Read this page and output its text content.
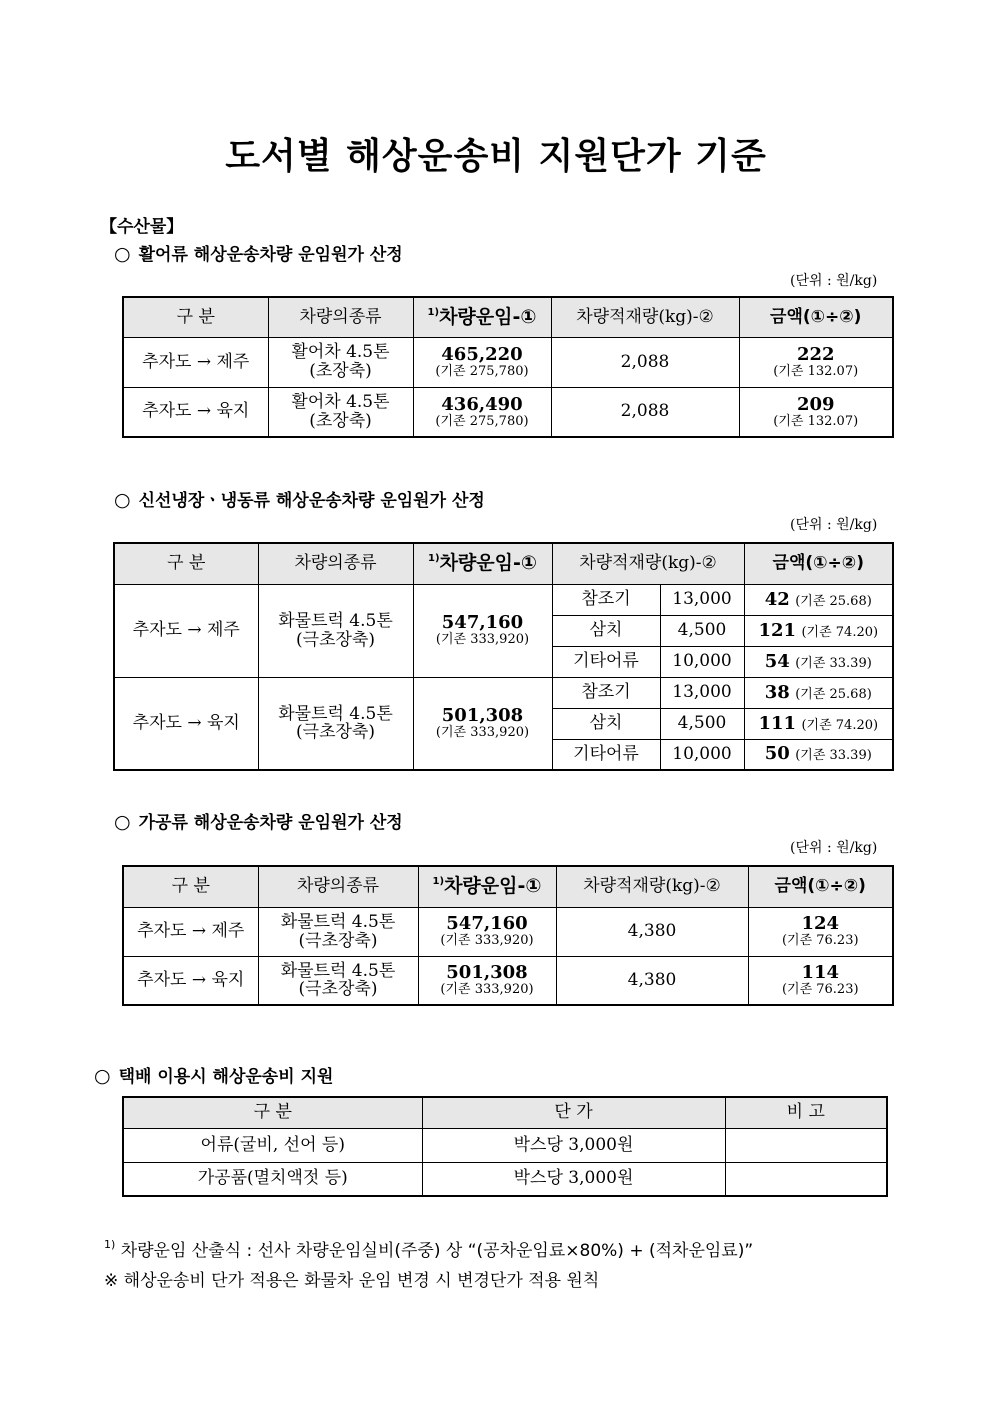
도서별 해상운송비 지원단가 기준
【수산물】
○ 활어류 해상운송차량 운임원가 산정
(단위 : 원/kg)
구 분	차량의종류	$^{1)}$차량운임-①	차량적재량(kg)-②	금액(①÷②)
추자도 → 제주	활어차 4.5톤
(초장축)	465,220
(기존 275,780)	2,088	222
(기존 132.07)

추자도 → 육지	활어차 4.5톤
(초장축)	436,490
(기존 275,780)	2,088	209
(기존 132.07)
○ 신선냉장ㆍ냉동류 해상운송차량 운임원가 산정
(단위 : 원/kg)
구 분	차량의종류	$^{1)}$차량운임-①	차량적재량(kg)-②		금액(①÷②)
추자도 → 제주	화물트럭 4.5톤
(극초장축)	547,160
(기존 333,920)	참조기	13,000	42 (기존 25.68)
			삼치	4,500	121 (기존 74.20)
			기타어류	10,000	54 (기존 33.39)
추자도 → 육지	화물트럭 4.5톤
(극초장축)	501,308
(기존 333,920)	참조기	13,000	38 (기존 25.68)
			삼치	4,500	111 (기존 74.20)
			기타어류	10,000	50 (기존 33.39)
○ 가공류 해상운송차량 운임원가 산정
(단위 : 원/kg)
구 분	차량의종류	$^{1)}$차량운임-①	차량적재량(kg)-②	금액(①÷②)
추자도 → 제주	화물트럭 4.5톤
(극초장축)	547,160
(기존 333,920)	4,380	124
(기존 76.23)

추자도 → 육지	화물트럭 4.5톤
(극초장축)	501,308
(기존 333,920)	4,380	114
(기존 76.23)
○ 택배 이용시 해상운송비 지원
구 분	단 가	비 고
어류(굴비, 선어 등)	박스당 3,000원	
가공품(멸치액젓 등)	박스당 3,000원	
$^{1)}$ 차량운임 산출식 : 선사 차량운임실비(주중) 상 “(공차운임료×80%) + (적차운임료)”
※ 해상운송비 단가 적용은 화물차 운임 변경 시 변경단가 적용 원칙
